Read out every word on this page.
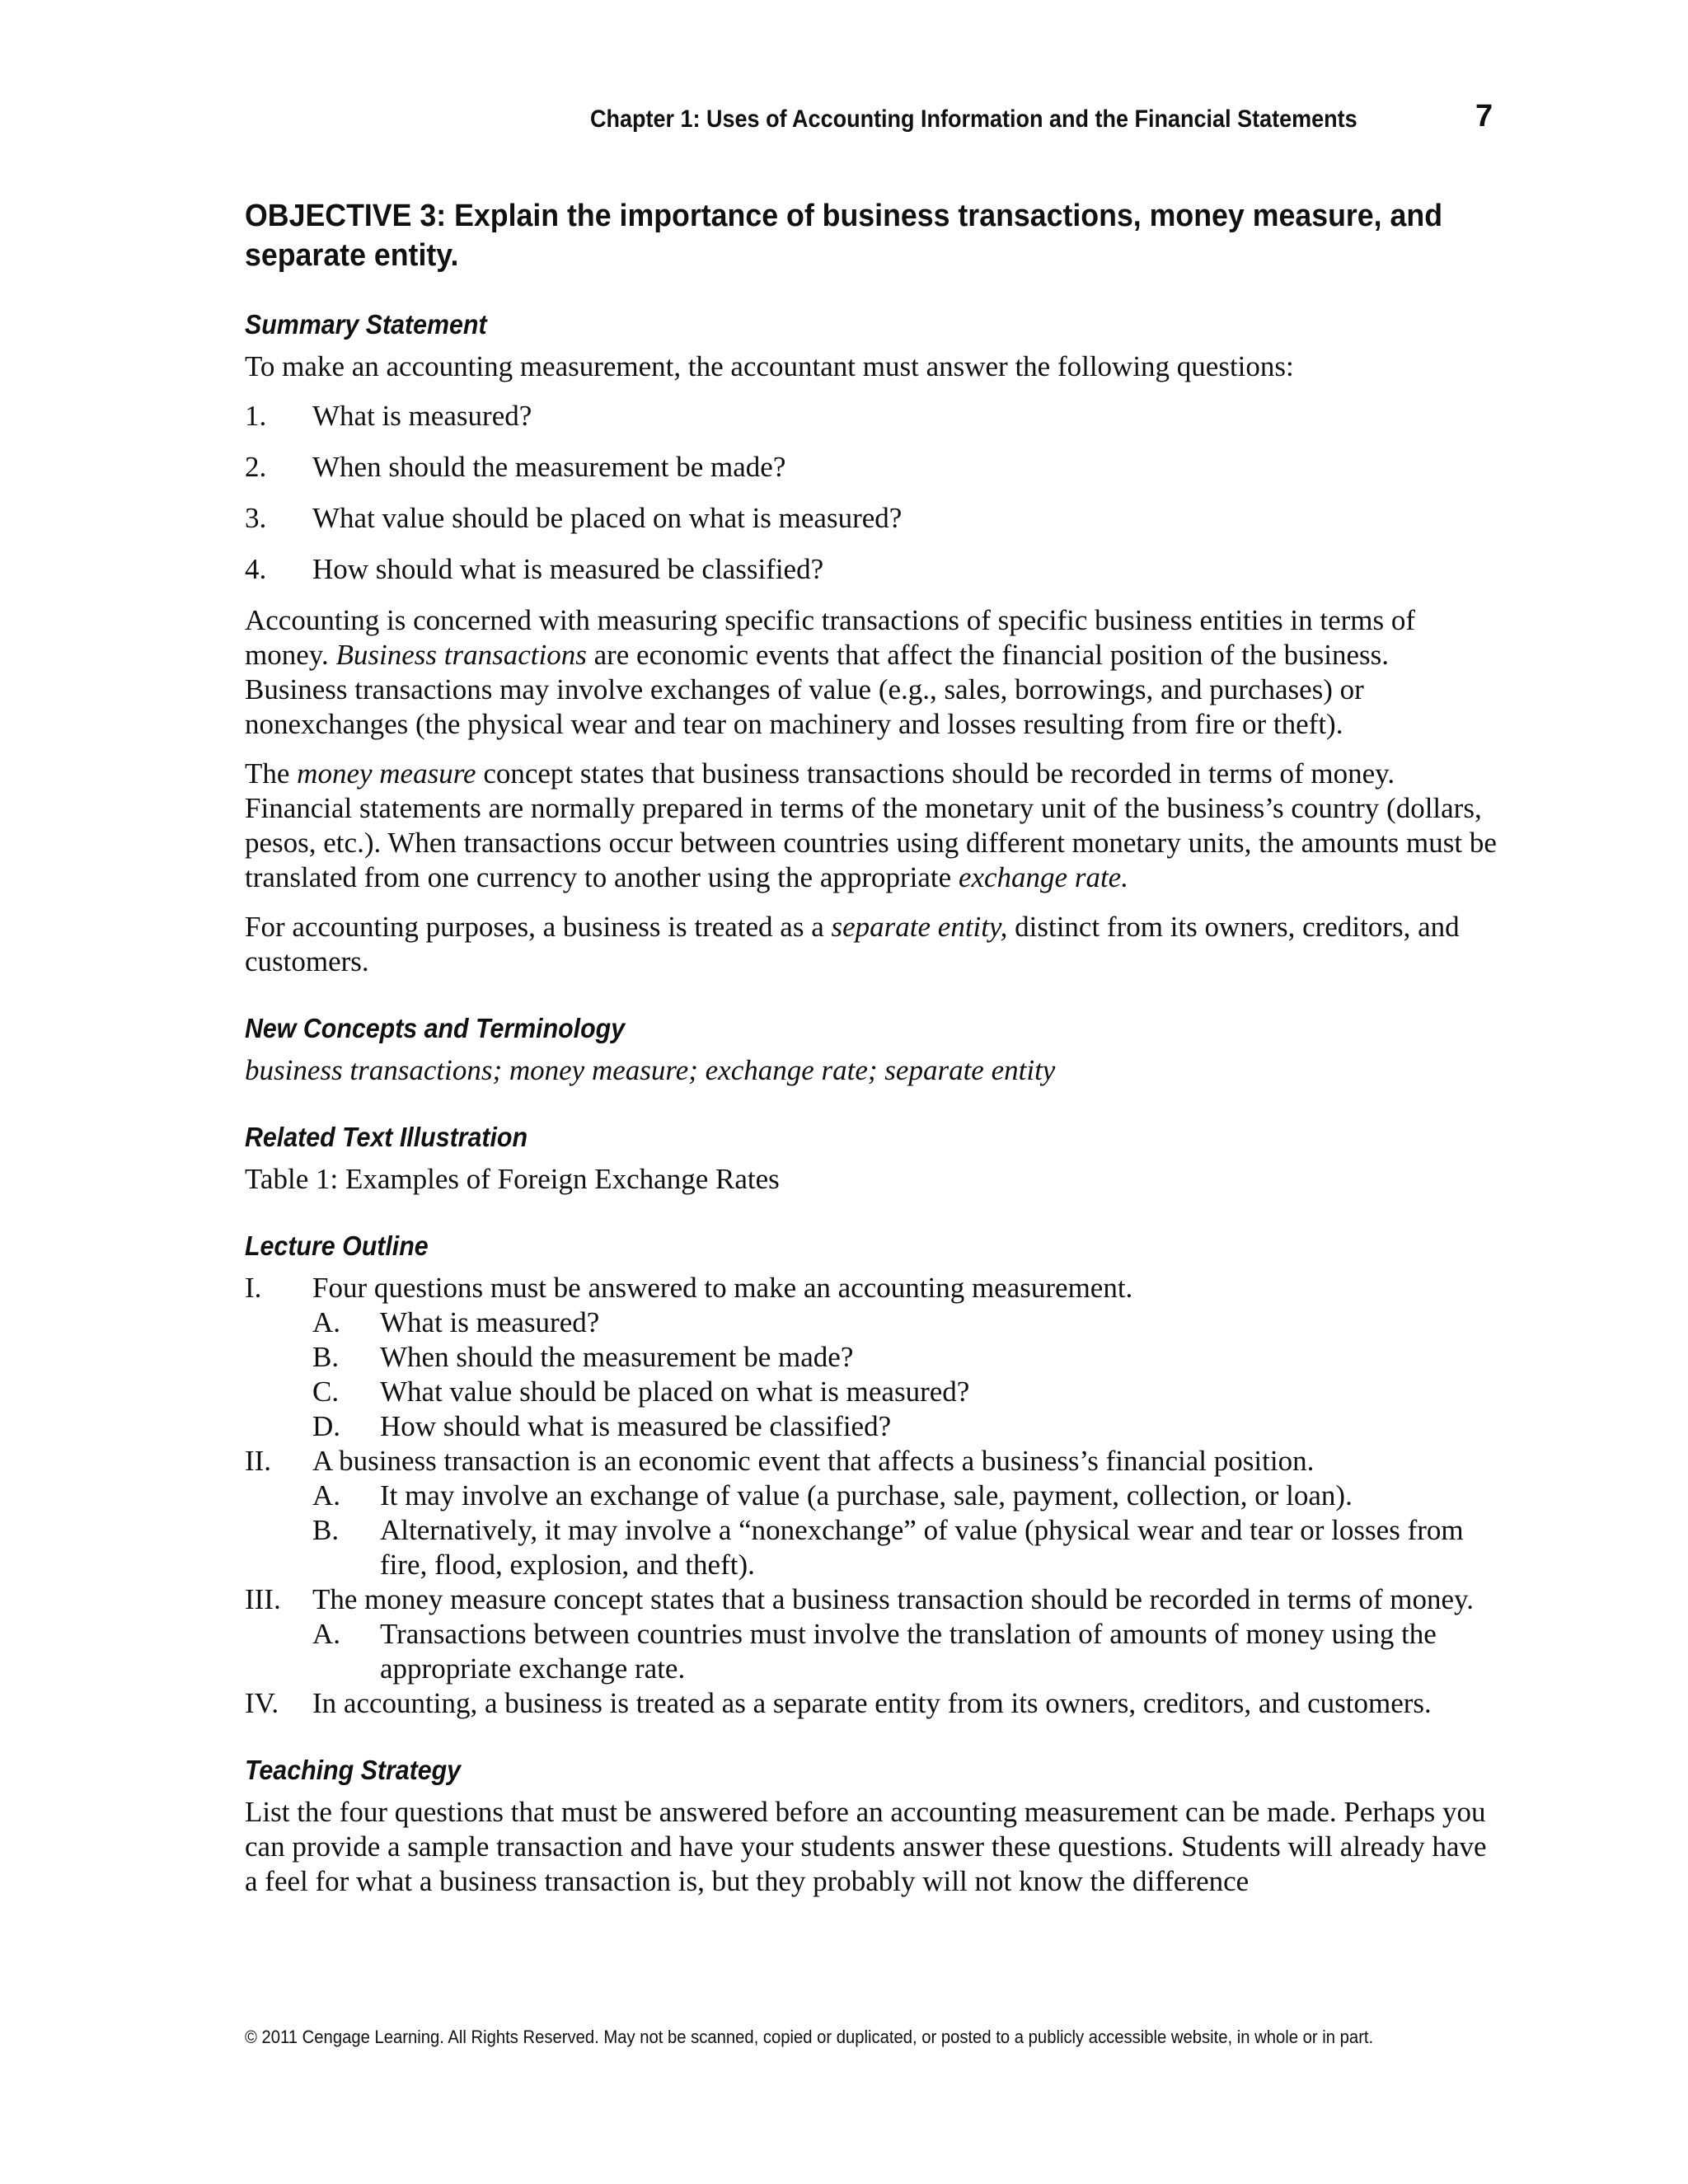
Chapter 1: Uses of Accounting Information and the Financial Statements	7
OBJECTIVE 3: Explain the importance of business transactions, money measure, and separate entity.
Summary Statement

To make an accounting measurement, the accountant must answer the following questions:

1.	What is measured?
2.	When should the measurement be made?
3.	What value should be placed on what is measured?
4.	How should what is measured be classified?

Accounting is concerned with measuring specific transactions of specific business entities in terms of money. Business transactions are economic events that affect the financial position of the business. Business transactions may involve exchanges of value (e.g., sales, borrowings, and purchases) or nonexchanges (the physical wear and tear on machinery and losses resulting from fire or theft).

The money measure concept states that business transactions should be recorded in terms of money. Financial statements are normally prepared in terms of the monetary unit of the business’s country (dollars, pesos, etc.). When transactions occur between countries using different monetary units, the amounts must be translated from one currency to another using the appropriate exchange rate.

For accounting purposes, a business is treated as a separate entity, distinct from its owners, creditors, and customers.

New Concepts and Terminology

business transactions; money measure; exchange rate; separate entity

Related Text Illustration

Table 1: Examples of Foreign Exchange Rates

Lecture Outline
I.	Four questions must be answered to make an accounting measurement.
A.	What is measured?
B.	When should the measurement be made?
C.	What value should be placed on what is measured?
D.	How should what is measured be classified?
II.	A business transaction is an economic event that affects a business’s financial position.
A.	It may involve an exchange of value (a purchase, sale, payment, collection, or loan).
B.	Alternatively, it may involve a “nonexchange” of value (physical wear and tear or losses from fire, flood, explosion, and theft).
III.	The money measure concept states that a business transaction should be recorded in terms of money.
A.	Transactions between countries must involve the translation of amounts of money using the appropriate exchange rate.
IV.	In accounting, a business is treated as a separate entity from its owners, creditors, and customers.
Teaching Strategy

List the four questions that must be answered before an accounting measurement can be made. Perhaps you can provide a sample transaction and have your students answer these questions. Students will already have a feel for what a business transaction is, but they probably will not know the difference

© 2011 Cengage Learning. All Rights Reserved. May not be scanned, copied or duplicated, or posted to a publicly accessible website, in whole or in part.
